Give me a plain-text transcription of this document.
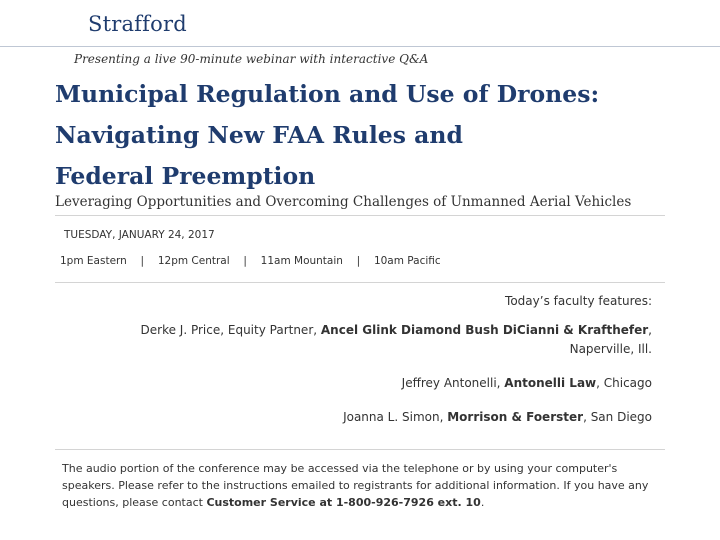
Strafford
Presenting a live 90-minute webinar with interactive Q&A
Municipal Regulation and Use of Drones:
Navigating New FAA Rules and
Federal Preemption
Leveraging Opportunities and Overcoming Challenges of Unmanned Aerial Vehicles
TUESDAY, JANUARY 24, 2017
1pm Eastern | 12pm Central | 11am Mountain | 10am Pacific
Today’s faculty features:
Derke J. Price, Equity Partner, Ancel Glink Diamond Bush DiCianni & Krafthefer,
Naperville, Ill.
Jeffrey Antonelli, Antonelli Law, Chicago
Joanna L. Simon, Morrison & Foerster, San Diego
The audio portion of the conference may be accessed via the telephone or by using your computer's speakers. Please refer to the instructions emailed to registrants for additional information. If you have any questions, please contact Customer Service at 1-800-926-7926 ext. 10.
